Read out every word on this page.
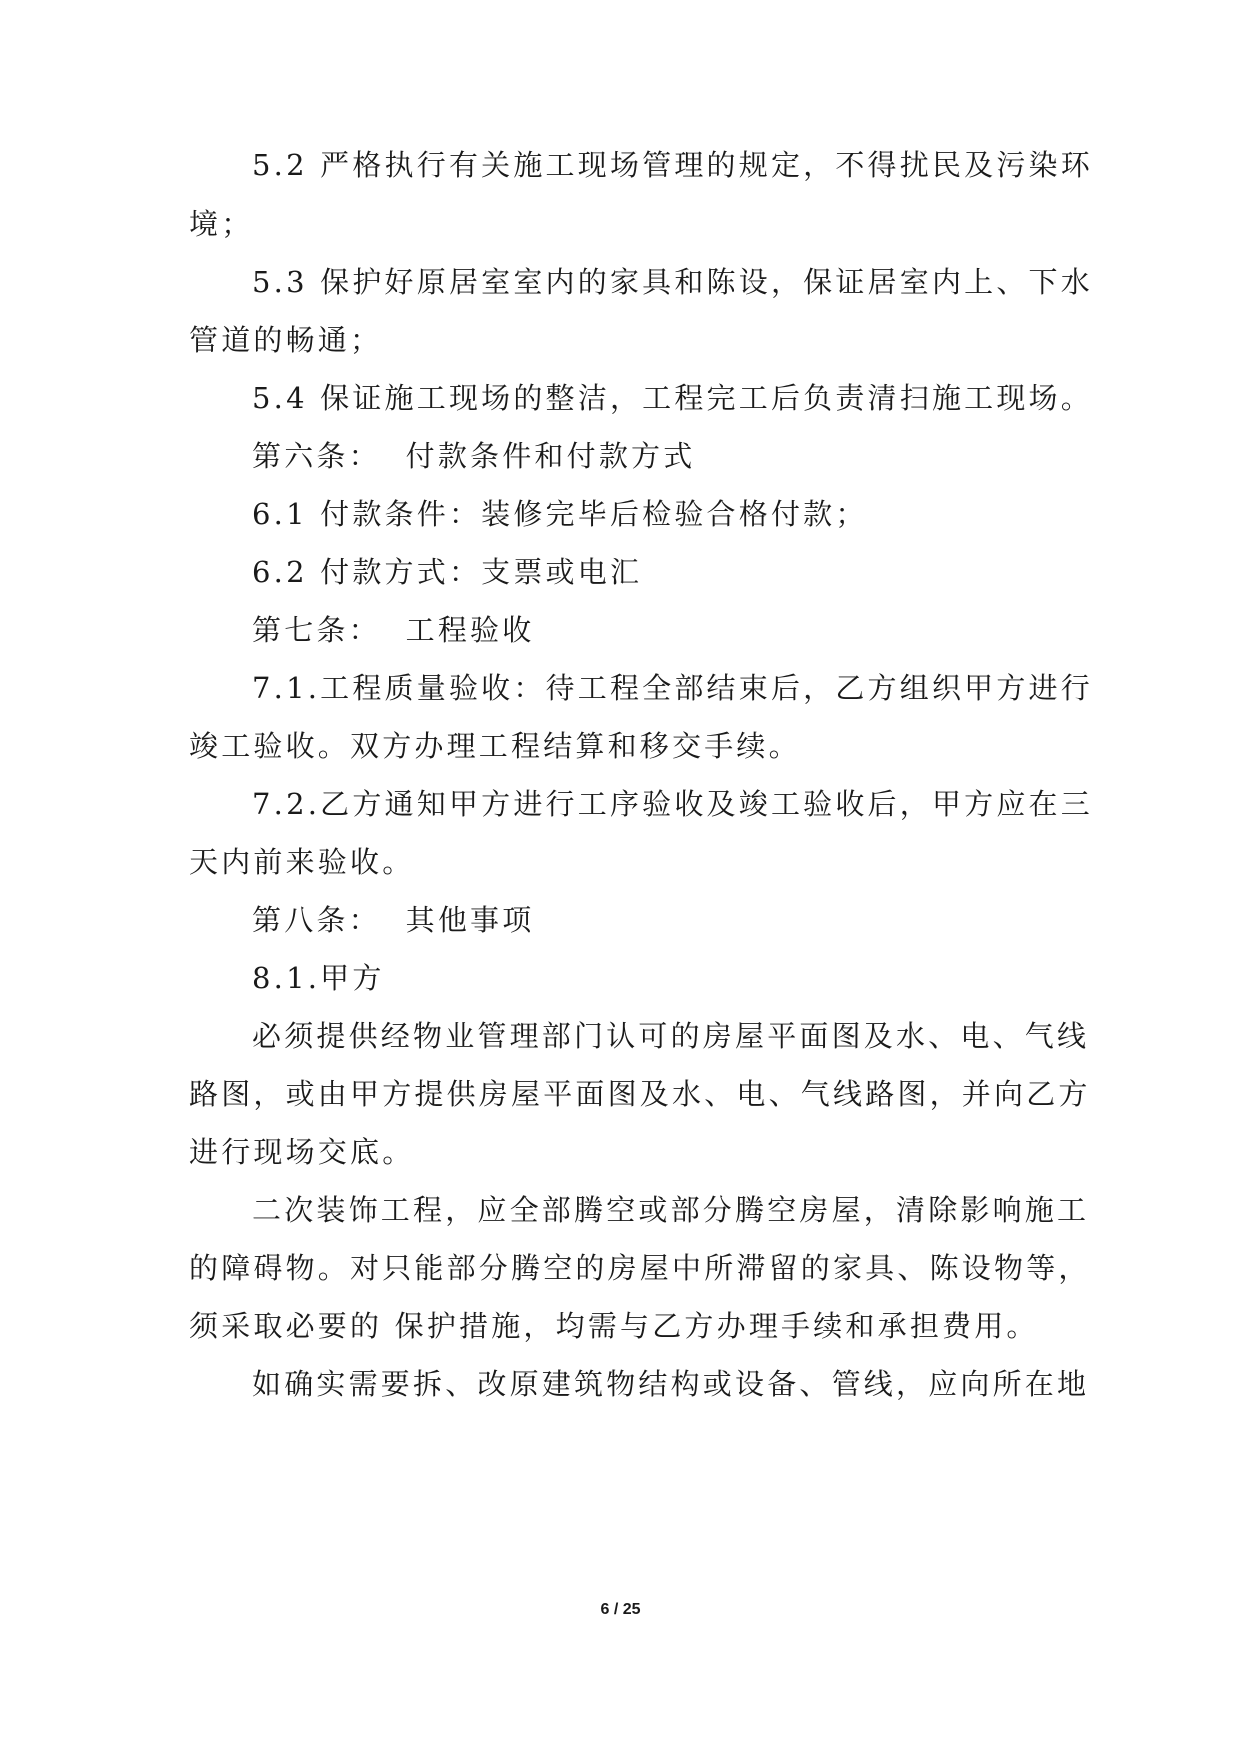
5.2 严格执行有关施工现场管理的规定，不得扰民及污染环
境；
5.3 保护好原居室室内的家具和陈设，保证居室内上、下水
管道的畅通；
5.4 保证施工现场的整洁，工程完工后负责清扫施工现场。
第六条：  付款条件和付款方式
6.1 付款条件：装修完毕后检验合格付款；
6.2 付款方式：支票或电汇
第七条：  工程验收
7.1.工程质量验收：待工程全部结束后，乙方组织甲方进行
竣工验收。双方办理工程结算和移交手续。
7.2.乙方通知甲方进行工序验收及竣工验收后，甲方应在三
天内前来验收。
第八条：  其他事项
8.1.甲方
必须提供经物业管理部门认可的房屋平面图及水、电、气线
路图，或由甲方提供房屋平面图及水、电、气线路图，并向乙方
进行现场交底。
二次装饰工程，应全部腾空或部分腾空房屋，清除影响施工
的障碍物。对只能部分腾空的房屋中所滞留的家具、陈设物等，
须采取必要的 保护措施，均需与乙方办理手续和承担费用。
如确实需要拆、改原建筑物结构或设备、管线，应向所在地
6 / 25
